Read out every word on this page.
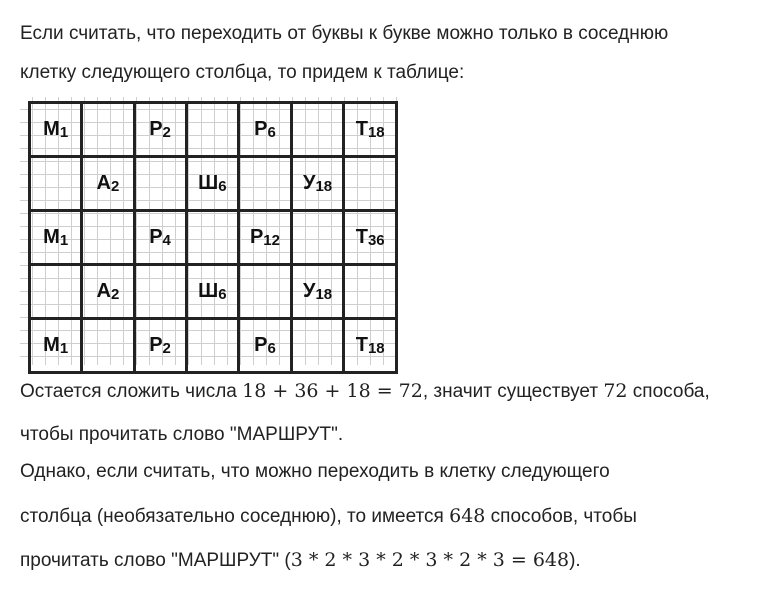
Если считать, что переходить от буквы к букве можно только в соседнюю
клетку следующего столбца, то придем к таблице:
М1		Р2		Р6		Т18
	А2		Ш6		У18	
М1		Р4		Р12		Т36
	А2		Ш6		У18	
М1		Р2		Р6		Т18
Остается сложить числа 18 + 36 + 18 = 72, значит существует 72 способа,
чтобы прочитать слово "МАРШРУТ".
Однако, если считать, что можно переходить в клетку следующего
столбца (необязательно соседнюю), то имеется 648 способов, чтобы
прочитать слово "МАРШРУТ" (3 * 2 * 3 * 2 * 3 * 2 * 3 = 648).
